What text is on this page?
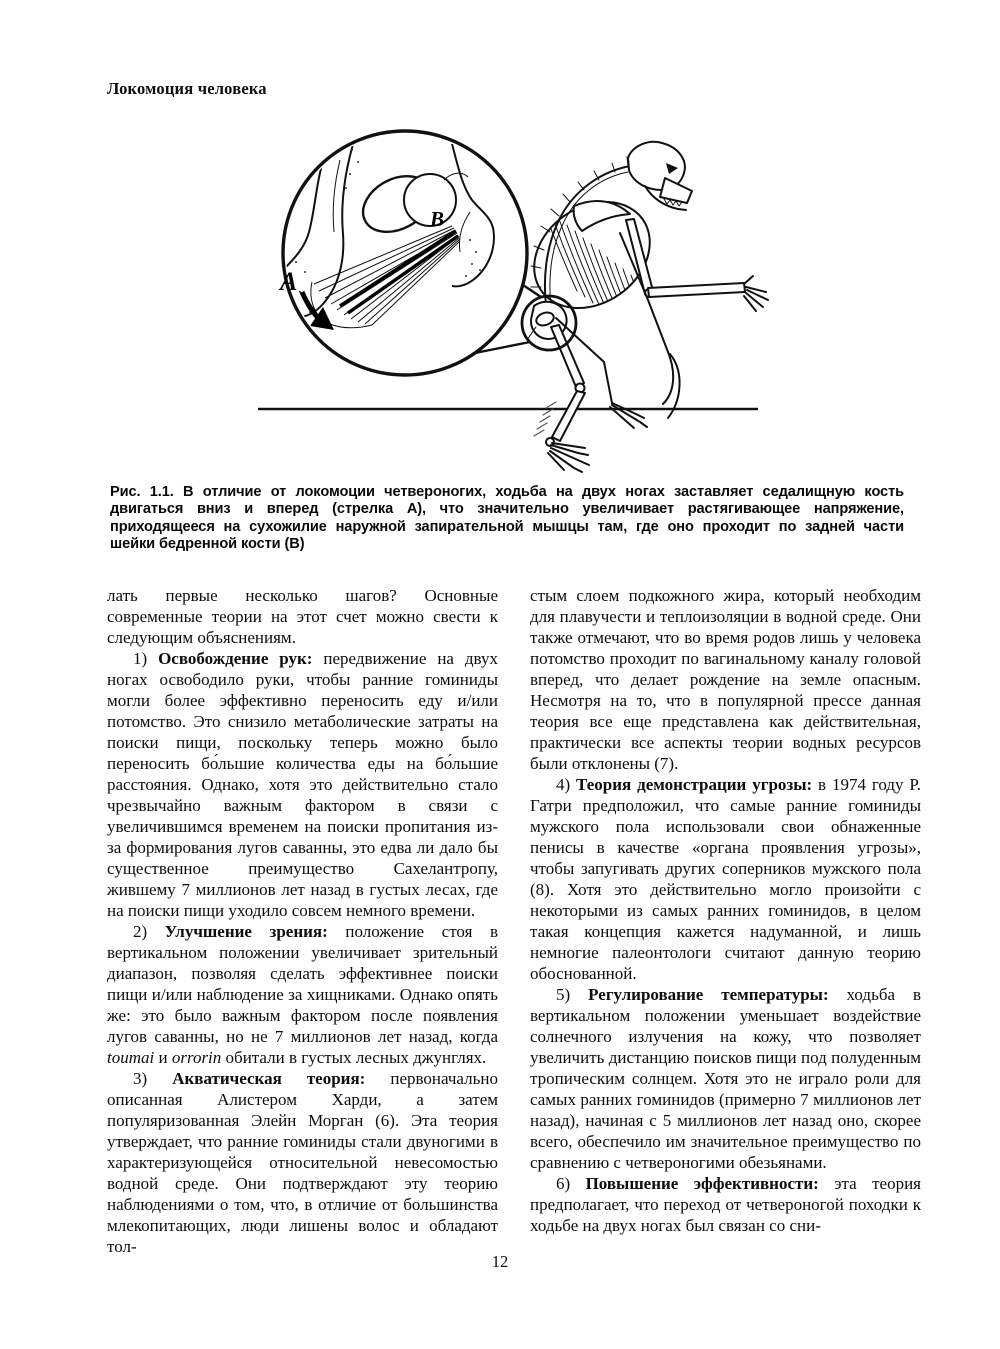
Локомоция человека
A
B
Рис. 1.1. В отличие от локомоции четвероногих, ходьба на двух ногах заставляет седалищную кость
двигаться вниз и вперед (стрелка А), что значительно увеличивает растягивающее напряжение,
приходящееся на сухожилие наружной запирательной мышцы там, где оно проходит по задней части
шейки бедренной кости (В)

лать первые несколько шагов? Основные современные теории на этот счет можно свести к следующим объяснениям.

1) Освобождение рук: передвижение на двух ногах освободило руки, чтобы ранние гоминиды могли более эффективно переносить еду и/или потомство. Это снизило метаболические затраты на поиски пищи, поскольку теперь можно было переносить бо́льшие количества еды на бо́льшие расстояния. Однако, хотя это действительно стало чрезвычайно важным фактором в связи с увеличившимся временем на поиски пропитания из-за формирования лугов саванны, это едва ли дало бы существенное преимущество Сахелантропу, жившему 7 миллионов лет назад в густых лесах, где на поиски пищи уходило совсем немного времени.

2) Улучшение зрения: положение стоя в вертикальном положении увеличивает зрительный диапазон, позволяя сделать эффективнее поиски пищи и/или наблюдение за хищниками. Однако опять же: это было важным фактором после появления лугов саванны, но не 7 миллионов лет назад, когда toumai и orrorin обитали в густых лесных джунглях.

3) Акватическая теория: первоначально описанная Алистером Харди, а затем популяризованная Элейн Морган (6). Эта теория утверждает, что ранние гоминиды стали двуногими в характеризующейся относительной невесомостью водной среде. Они подтверждают эту теорию наблюдениями о том, что, в отличие от большинства млекопитающих, люди лишены волос и обладают тол-

стым слоем подкожного жира, который необходим для плавучести и теплоизоляции в водной среде. Они также отмечают, что во время родов лишь у человека потомство проходит по вагинальному каналу головой вперед, что делает рождение на земле опасным. Несмотря на то, что в популярной прессе данная теория все еще представлена как действительная, практически все аспекты теории водных ресурсов были отклонены (7).

4) Теория демонстрации угрозы: в 1974 году Р. Гатри предположил, что самые ранние гоминиды мужского пола использовали свои обнаженные пенисы в качестве «органа проявления угрозы», чтобы запугивать других соперников мужского пола (8). Хотя это действительно могло произойти с некоторыми из самых ранних гоминидов, в целом такая концепция кажется надуманной, и лишь немногие палеонтологи считают данную теорию обоснованной.

5) Регулирование температуры: ходьба в вертикальном положении уменьшает воздействие солнечного излучения на кожу, что позволяет увеличить дистанцию поисков пищи под полуденным тропическим солнцем. Хотя это не играло роли для самых ранних гоминидов (примерно 7 миллионов лет назад), начиная с 5 миллионов лет назад оно, скорее всего, обеспечило им значительное преимущество по сравнению с четвероногими обезьянами.

6) Повышение эффективности: эта теория предполагает, что переход от четвероногой походки к ходьбе на двух ногах был связан со сни-

12
